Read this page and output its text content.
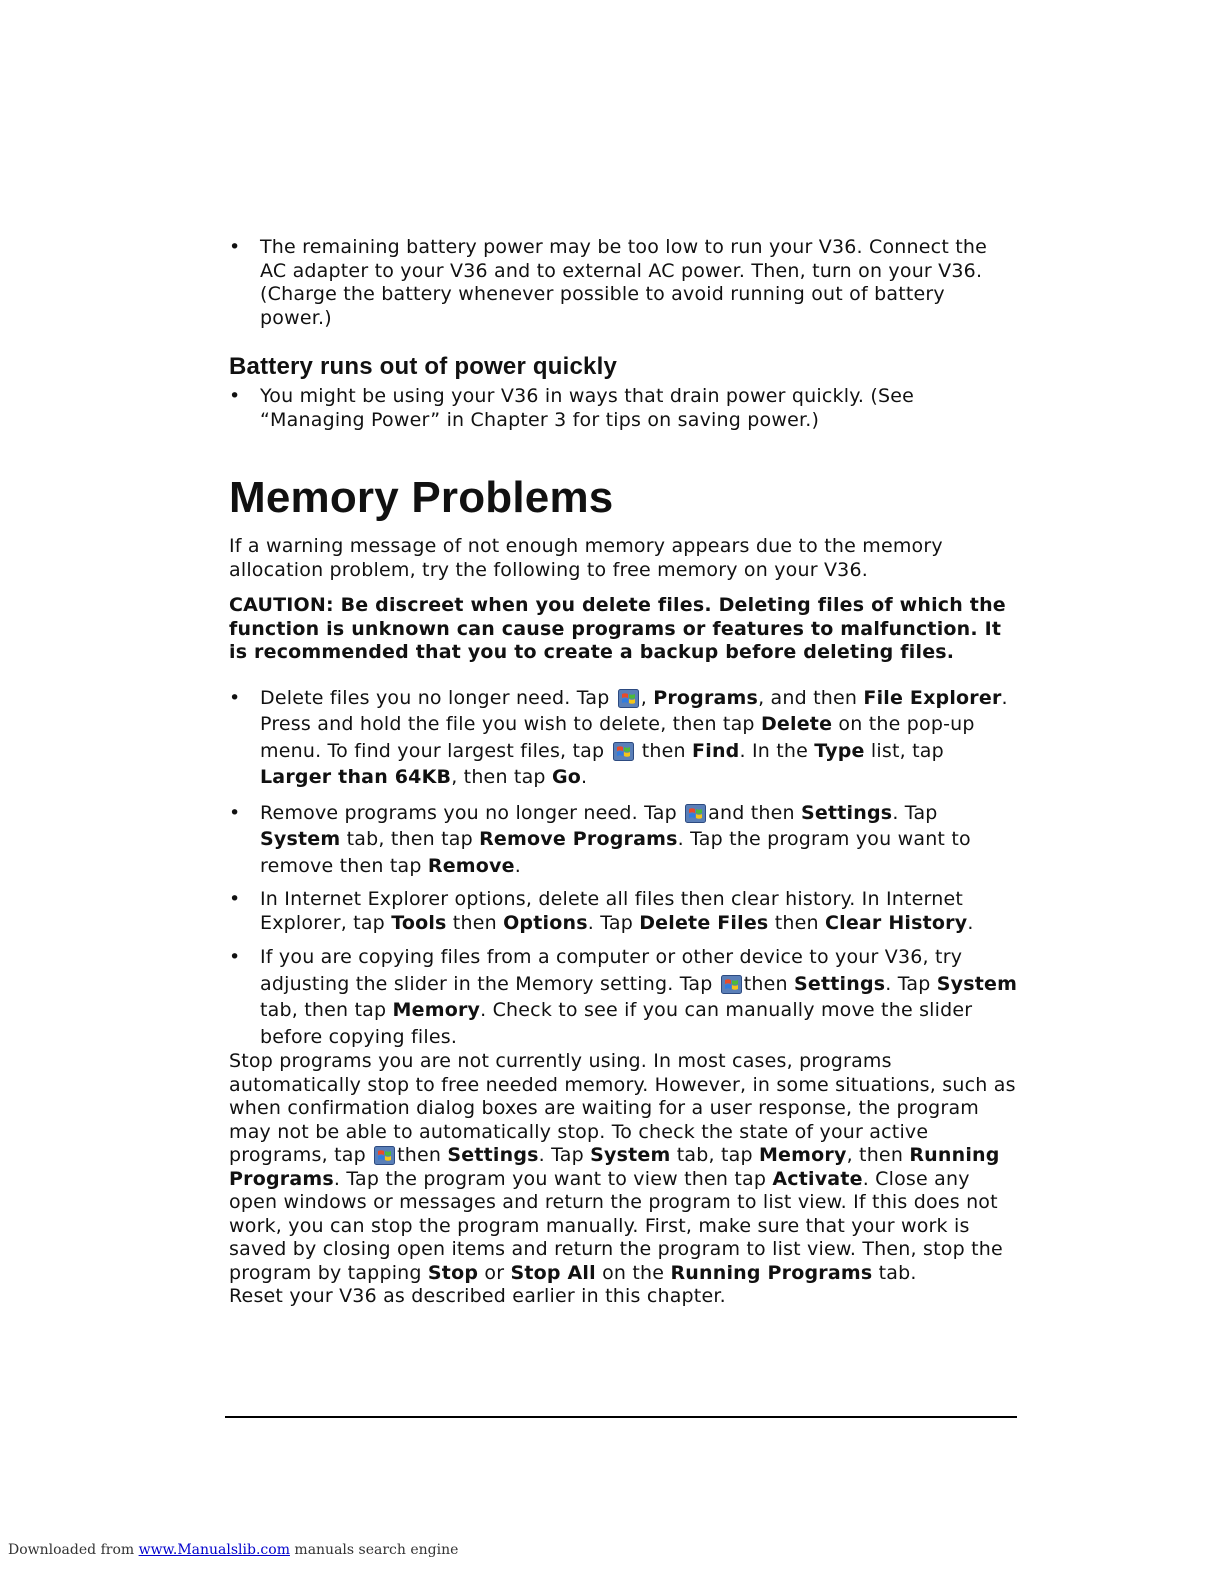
• The remaining battery power may be too low to run your V36. Connect the AC adapter to your V36 and to external AC power. Then, turn on your V36. (Charge the battery whenever possible to avoid running out of battery power.)
Battery runs out of power quickly
• You might be using your V36 in ways that drain power quickly. (See “Managing Power” in Chapter 3 for tips on saving power.)
Memory Problems

If a warning message of not enough memory appears due to the memory allocation problem, try the following to free memory on your V36.

CAUTION: Be discreet when you delete files. Deleting files of which the function is unknown can cause programs or features to malfunction. It is recommended that you to create a backup before deleting files.

• Delete files you no longer need. Tap
, Programs, and then File Explorer. Press and hold the file you wish to delete, then tap Delete on the pop-up menu. To find your largest files, tap
then Find. In the Type list, tap Larger than 64KB, then tap Go.
• Remove programs you no longer need. Tap
and then Settings. Tap System tab, then tap Remove Programs. Tap the program you want to remove then tap Remove.
• In Internet Explorer options, delete all files then clear history. In Internet Explorer, tap Tools then Options. Tap Delete Files then Clear History.
• If you are copying files from a computer or other device to your V36, try adjusting the slider in the Memory setting. Tap
then Settings. Tap System tab, then tap Memory. Check to see if you can manually move the slider before copying files.

Stop programs you are not currently using. In most cases, programs automatically stop to free needed memory. However, in some situations, such as when confirmation dialog boxes are waiting for a user response, the program may not be able to automatically stop. To check the state of your active programs, tap
then Settings. Tap System tab, tap Memory, then Running Programs. Tap the program you want to view then tap Activate. Close any open windows or messages and return the program to list view. If this does not work, you can stop the program manually. First, make sure that your work is saved by closing open items and return the program to list view. Then, stop the program by tapping Stop or Stop All on the Running Programs tab.

Reset your V36 as described earlier in this chapter.

Downloaded from www.Manualslib.com manuals search engine
